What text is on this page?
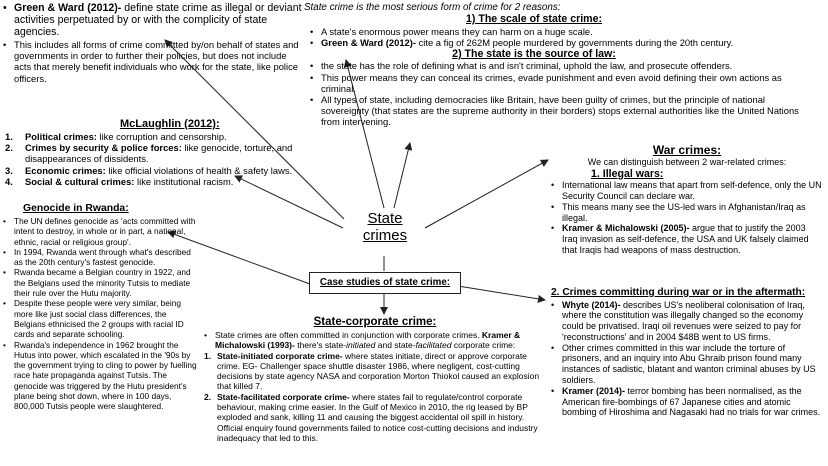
• Green & Ward (2012)- define state crime as illegal or deviant activities perpetuated by or with the complicity of state agencies.
• This includes all forms of crime committed by/on behalf of states and governments in order to further their policies, but does not include acts that merely benefit individuals who work for the state, like police officers.
State crime is the most serious form of crime for 2 reasons:
1) The scale of state crime:
• A state's enormous power means they can harm on a huge scale.
• Green & Ward (2012)- cite a fig of 262M people murdered by governments during the 20th century.
2) The state is the source of law:
• the state has the role of defining what is and isn't criminal, uphold the law, and prosecute offenders.
• This power means they can conceal its crimes, evade punishment and even avoid defining their own actions as criminal.
• All types of state, including democracies like Britain, have been guilty of crimes, but the principle of national sovereignty (that states are the supreme authority in their borders) stops external authorities like the United Nations from intervening.
McLaughlin (2012):
1. Political crimes: like corruption and censorship.
2. Crimes by security & police forces: like genocide, torture, and disappearances of dissidents.
3. Economic crimes: like official violations of health & safety laws.
4. Social & cultural crimes: like institutional racism.
Genocide in Rwanda:
• The UN defines genocide as 'acts committed with intent to destroy, in whole or in part, a national, ethnic, racial or religious group'.
• In 1994, Rwanda went through what's described as the 20th century's fastest genocide.
• Rwanda became a Belgian country in 1922, and the Belgians used the minority Tutsis to mediate their rule over the Hutu majority.
• Despite these people were very similar, being more like just social class differences, the Belgians ethnicised the 2 groups with racial ID cards and separate schooling.
• Rwanda's independence in 1962 brought the Hutus into power, which escalated in the '90s by the government trying to cling to power by fuelling race hate propaganda against Tutsis. The genocide was triggered by the Hutu president's plane being shot down, where in 100 days, 800,000 Tutsis people were slaughtered.
State crimes
Case studies of state crime:
State-corporate crime:
• State crimes are often committed in conjunction with corporate crimes. Kramer & Michalowski (1993)- there's state-initiated and state-facilitated corporate crime:
1. State-initiated corporate crime- where states initiate, direct or approve corporate crime. EG- Challenger space shuttle disaster 1986, where negligent, cost-cutting decisions by state agency NASA and corporation Morton Thiokol caused an explosion that killed 7.
2. State-facilitated corporate crime- where states fail to regulate/control corporate behaviour, making crime easier. In the Gulf of Mexico in 2010, the rig leased by BP exploded and sank, killing 11 and causing the biggest accidental oil spill in history. Official enquiry found governments failed to notice cost-cutting decisions and industry inadequacy that led to this.
War crimes:
We can distinguish between 2 war-related crimes:
1. Illegal wars:
• International law means that apart from self-defence, only the UN Security Council can declare war.
• This means many see the US-led wars in Afghanistan/Iraq as illegal.
• Kramer & Michalowski (2005)- argue that to justify the 2003 Iraq invasion as self-defence, the USA and UK falsely claimed that Iraqis had weapons of mass destruction.
2. Crimes committing during war or in the aftermath:
• Whyte (2014)- describes US's neoliberal colonisation of Iraq, where the constitution was illegally changed so the economy could be privatised. Iraqi oil revenues were seized to pay for 'reconstructions' and in 2004 $48B went to US firms.
• Other crimes committed in this war include the torture of prisoners, and an inquiry into Abu Ghraib prison found many instances of sadistic, blatant and wanton criminal abuses by US soldiers.
• Kramer (2014)- terror bombing has been normalised, as the American fire-bombings of 67 Japanese cities and atomic bombing of Hiroshima and Nagasaki had no trials for war crimes.
